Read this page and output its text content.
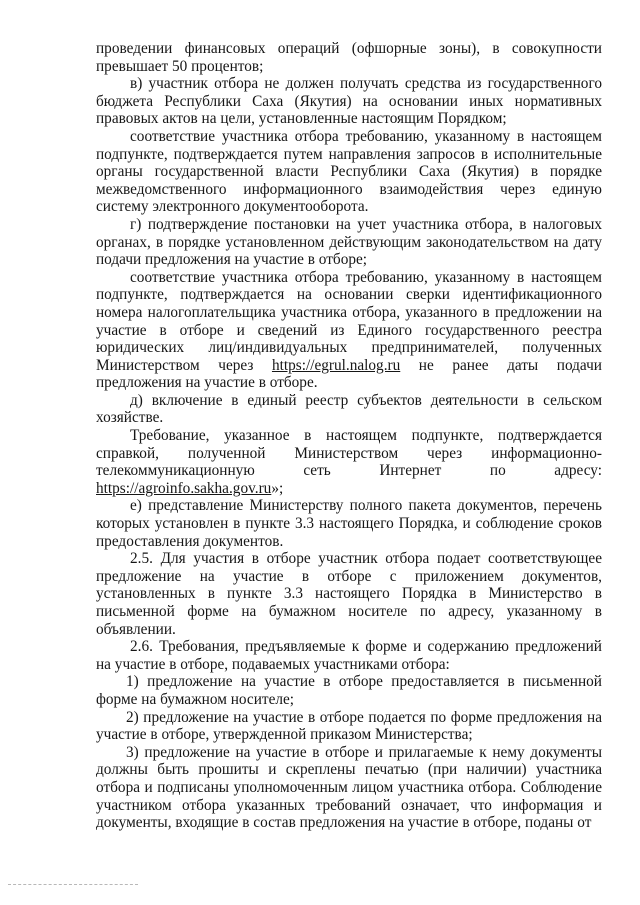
проведении финансовых операций (офшорные зоны), в совокупности превышает 50 процентов;

в) участник отбора не должен получать средства из государственного бюджета Республики Саха (Якутия) на основании иных нормативных правовых актов на цели, установленные настоящим Порядком;

соответствие участника отбора требованию, указанному в настоящем подпункте, подтверждается путем направления запросов в исполнительные органы государственной власти Республики Саха (Якутия) в порядке межведомственного информационного взаимодействия через единую систему электронного документооборота.

г) подтверждение постановки на учет участника отбора, в налоговых органах, в порядке установленном действующим законодательством на дату подачи предложения на участие в отборе;

соответствие участника отбора требованию, указанному в настоящем подпункте, подтверждается на основании сверки идентификационного номера налогоплательщика участника отбора, указанного в предложении на участие в отборе и сведений из Единого государственного реестра юридических лиц/индивидуальных предпринимателей, полученных Министерством через https://egrul.nalog.ru не ранее даты подачи предложения на участие в отборе.

д) включение в единый реестр субъектов деятельности в сельском хозяйстве.

Требование, указанное в настоящем подпункте, подтверждается справкой, полученной Министерством через информационно-телекоммуникационную сеть Интернет по адресу: https://agroinfo.sakha.gov.ru»;

е) представление Министерству полного пакета документов, перечень которых установлен в пункте 3.3 настоящего Порядка, и соблюдение сроков предоставления документов.

2.5. Для участия в отборе участник отбора подает соответствующее предложение на участие в отборе с приложением документов, установленных в пункте 3.3 настоящего Порядка в Министерство в письменной форме на бумажном носителе по адресу, указанному в объявлении.

2.6. Требования, предъявляемые к форме и содержанию предложений на участие в отборе, подаваемых участниками отбора:

1) предложение на участие в отборе предоставляется в письменной форме на бумажном носителе;

2) предложение на участие в отборе подается по форме предложения на участие в отборе, утвержденной приказом Министерства;

3) предложение на участие в отборе и прилагаемые к нему документы должны быть прошиты и скреплены печатью (при наличии) участника отбора и подписаны уполномоченным лицом участника отбора. Соблюдение участником отбора указанных требований означает, что информация и документы, входящие в состав предложения на участие в отборе, поданы от
